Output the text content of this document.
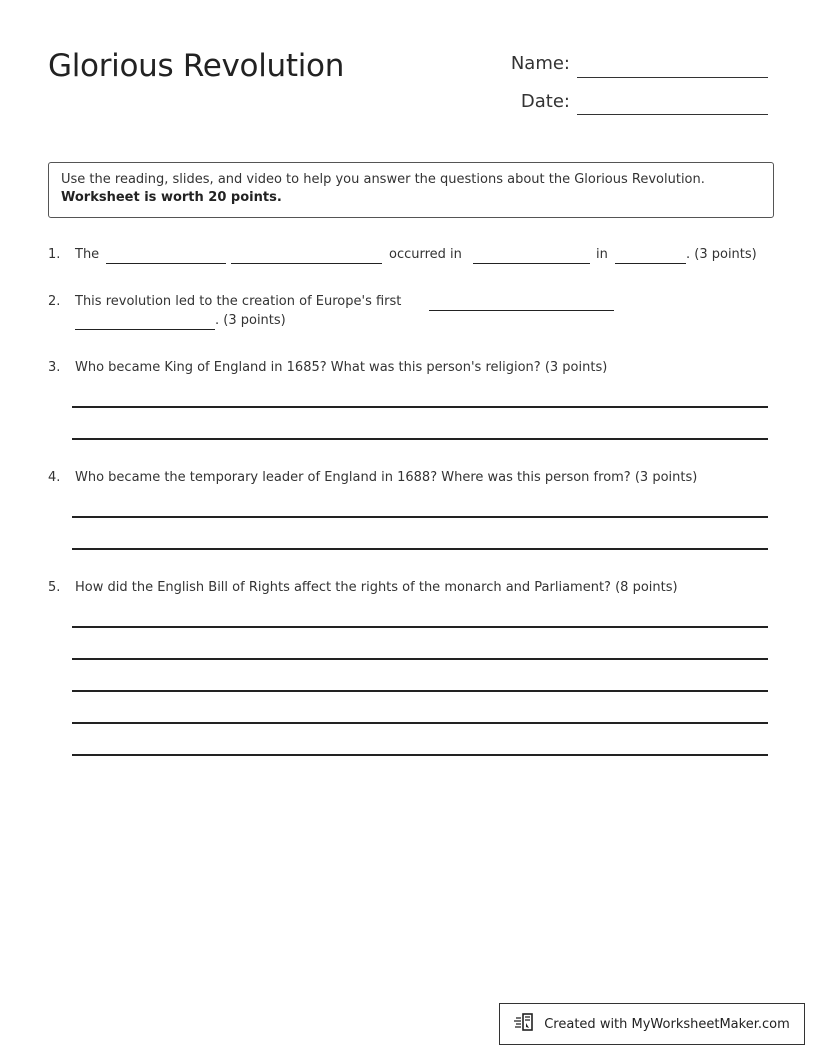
Glorious Revolution	Name:
Date:
Use the reading, slides, and video to help you answer the questions about the Glorious Revolution.
Worksheet is worth 20 points.
1. The	occurred in	in	. (3 points)
2. This revolution led to the creation of Europe's first
. (3 points)
3. Who became King of England in 1685? What was this person's religion? (3 points)
4. Who became the temporary leader of England in 1688? Where was this person from? (3 points)
5. How did the English Bill of Rights affect the rights of the monarch and Parliament? (8 points)
Created with MyWorksheetMaker.com
